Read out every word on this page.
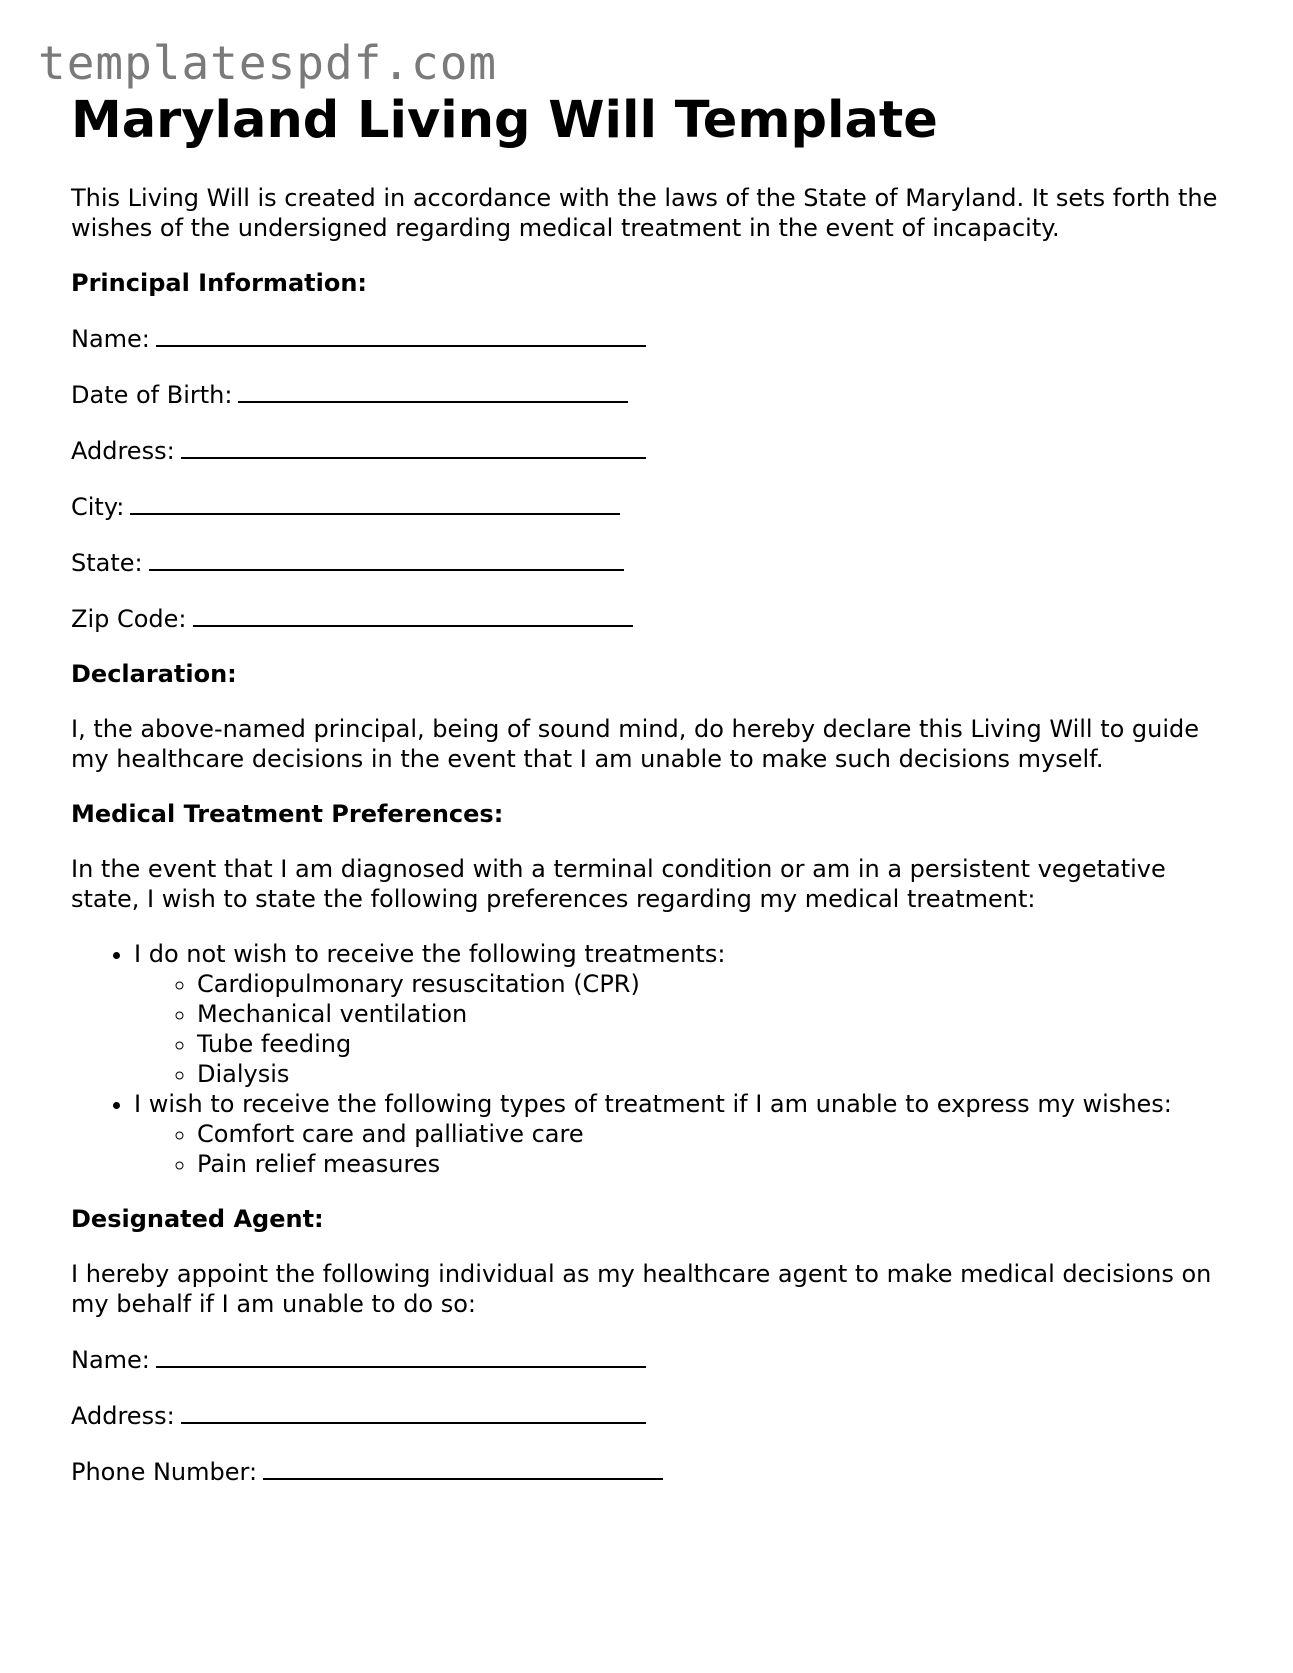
templatespdf.com
Maryland Living Will Template

This Living Will is created in accordance with the laws of the State of Maryland. It sets forth the wishes of the undersigned regarding medical treatment in the event of incapacity.

Principal Information:
Name:
Date of Birth:
Address:
City:
State:
Zip Code:
Declaration:

I, the above-named principal, being of sound mind, do hereby declare this Living Will to guide my healthcare decisions in the event that I am unable to make such decisions myself.

Medical Treatment Preferences:

In the event that I am diagnosed with a terminal condition or am in a persistent vegetative state, I wish to state the following preferences regarding my medical treatment:

• I do not wish to receive the following treatments:
◦ Cardiopulmonary resuscitation (CPR)
◦ Mechanical ventilation
◦ Tube feeding
◦ Dialysis
• I wish to receive the following types of treatment if I am unable to express my wishes:
◦ Comfort care and palliative care
◦ Pain relief measures
Designated Agent:

I hereby appoint the following individual as my healthcare agent to make medical decisions on my behalf if I am unable to do so:

Name:
Address:
Phone Number:
